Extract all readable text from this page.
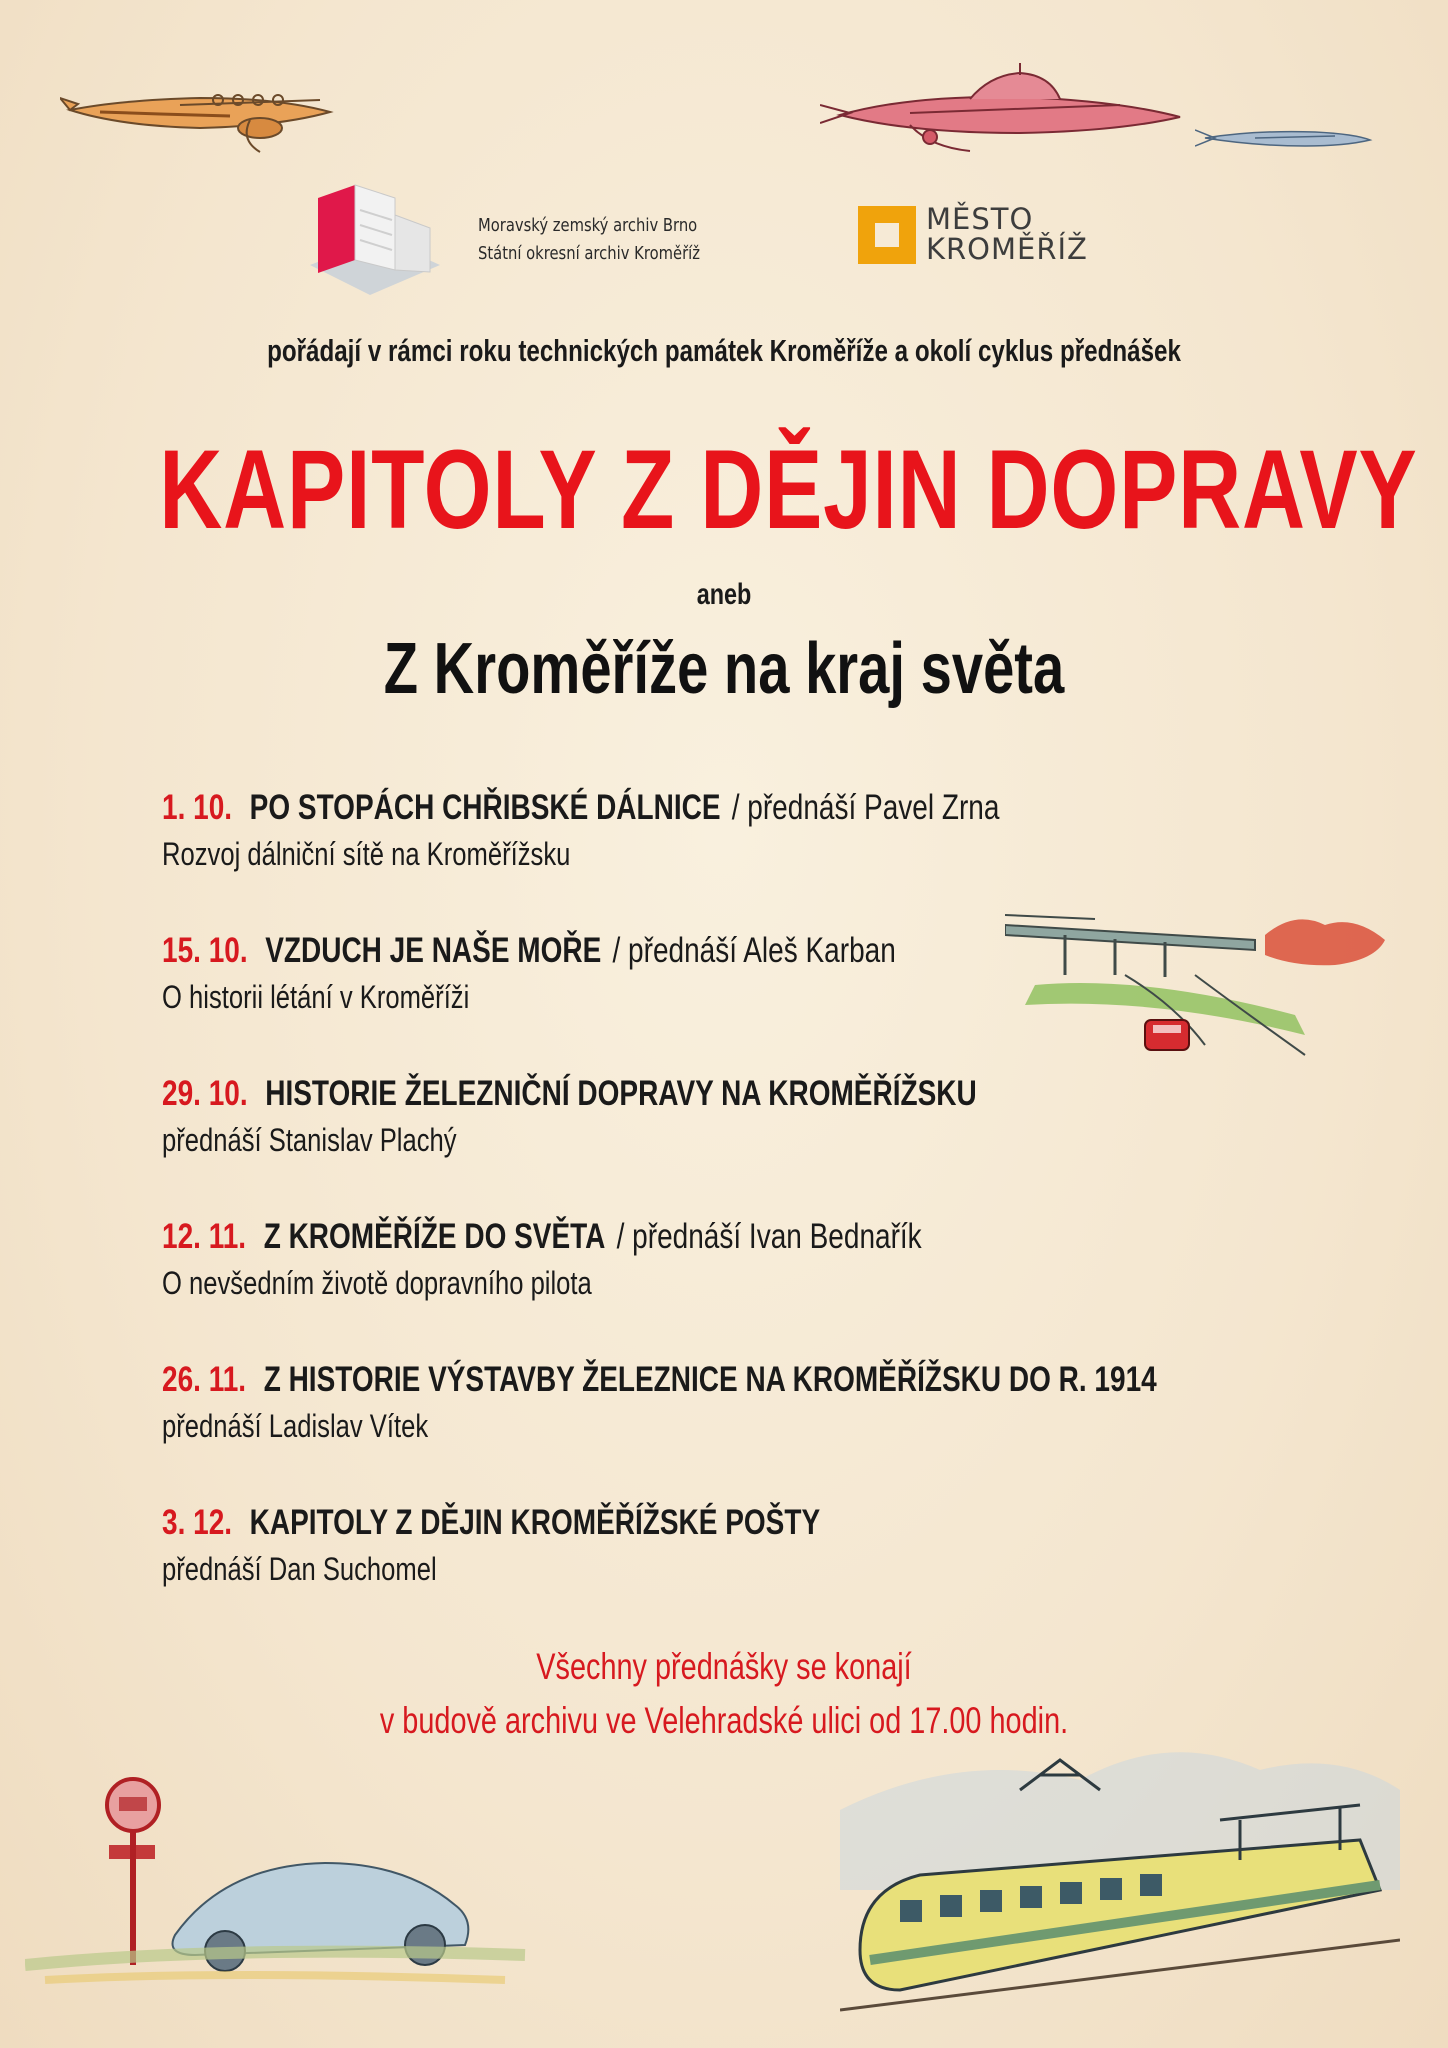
Moravský zemský archiv Brno
Státní okresní archiv Kroměříž
MĚSTO
KROMĚŘÍŽ
pořádají v rámci roku technických památek Kroměříže a okolí cyklus přednášek
KAPITOLY Z DĚJIN DOPRAVY
aneb
Z Kroměříže na kraj světa
1. 10. PO STOPÁCH CHŘIBSKÉ DÁLNICE / přednáší Pavel Zrna
Rozvoj dálniční sítě na Kroměřížsku
15. 10. VZDUCH JE NAŠE MOŘE / přednáší Aleš Karban
O historii létání v Kroměříži
29. 10. HISTORIE ŽELEZNIČNÍ DOPRAVY NA KROMĚŘÍŽSKU
přednáší Stanislav Plachý
12. 11. Z KROMĚŘÍŽE DO SVĚTA / přednáší Ivan Bednařík
O nevšedním životě dopravního pilota
26. 11. Z HISTORIE VÝSTAVBY ŽELEZNICE NA KROMĚŘÍŽSKU DO R. 1914
přednáší Ladislav Vítek
3. 12. KAPITOLY Z DĚJIN KROMĚŘÍŽSKÉ POŠTY
přednáší Dan Suchomel
Všechny přednášky se konají
v budově archivu ve Velehradské ulici od 17.00 hodin.
